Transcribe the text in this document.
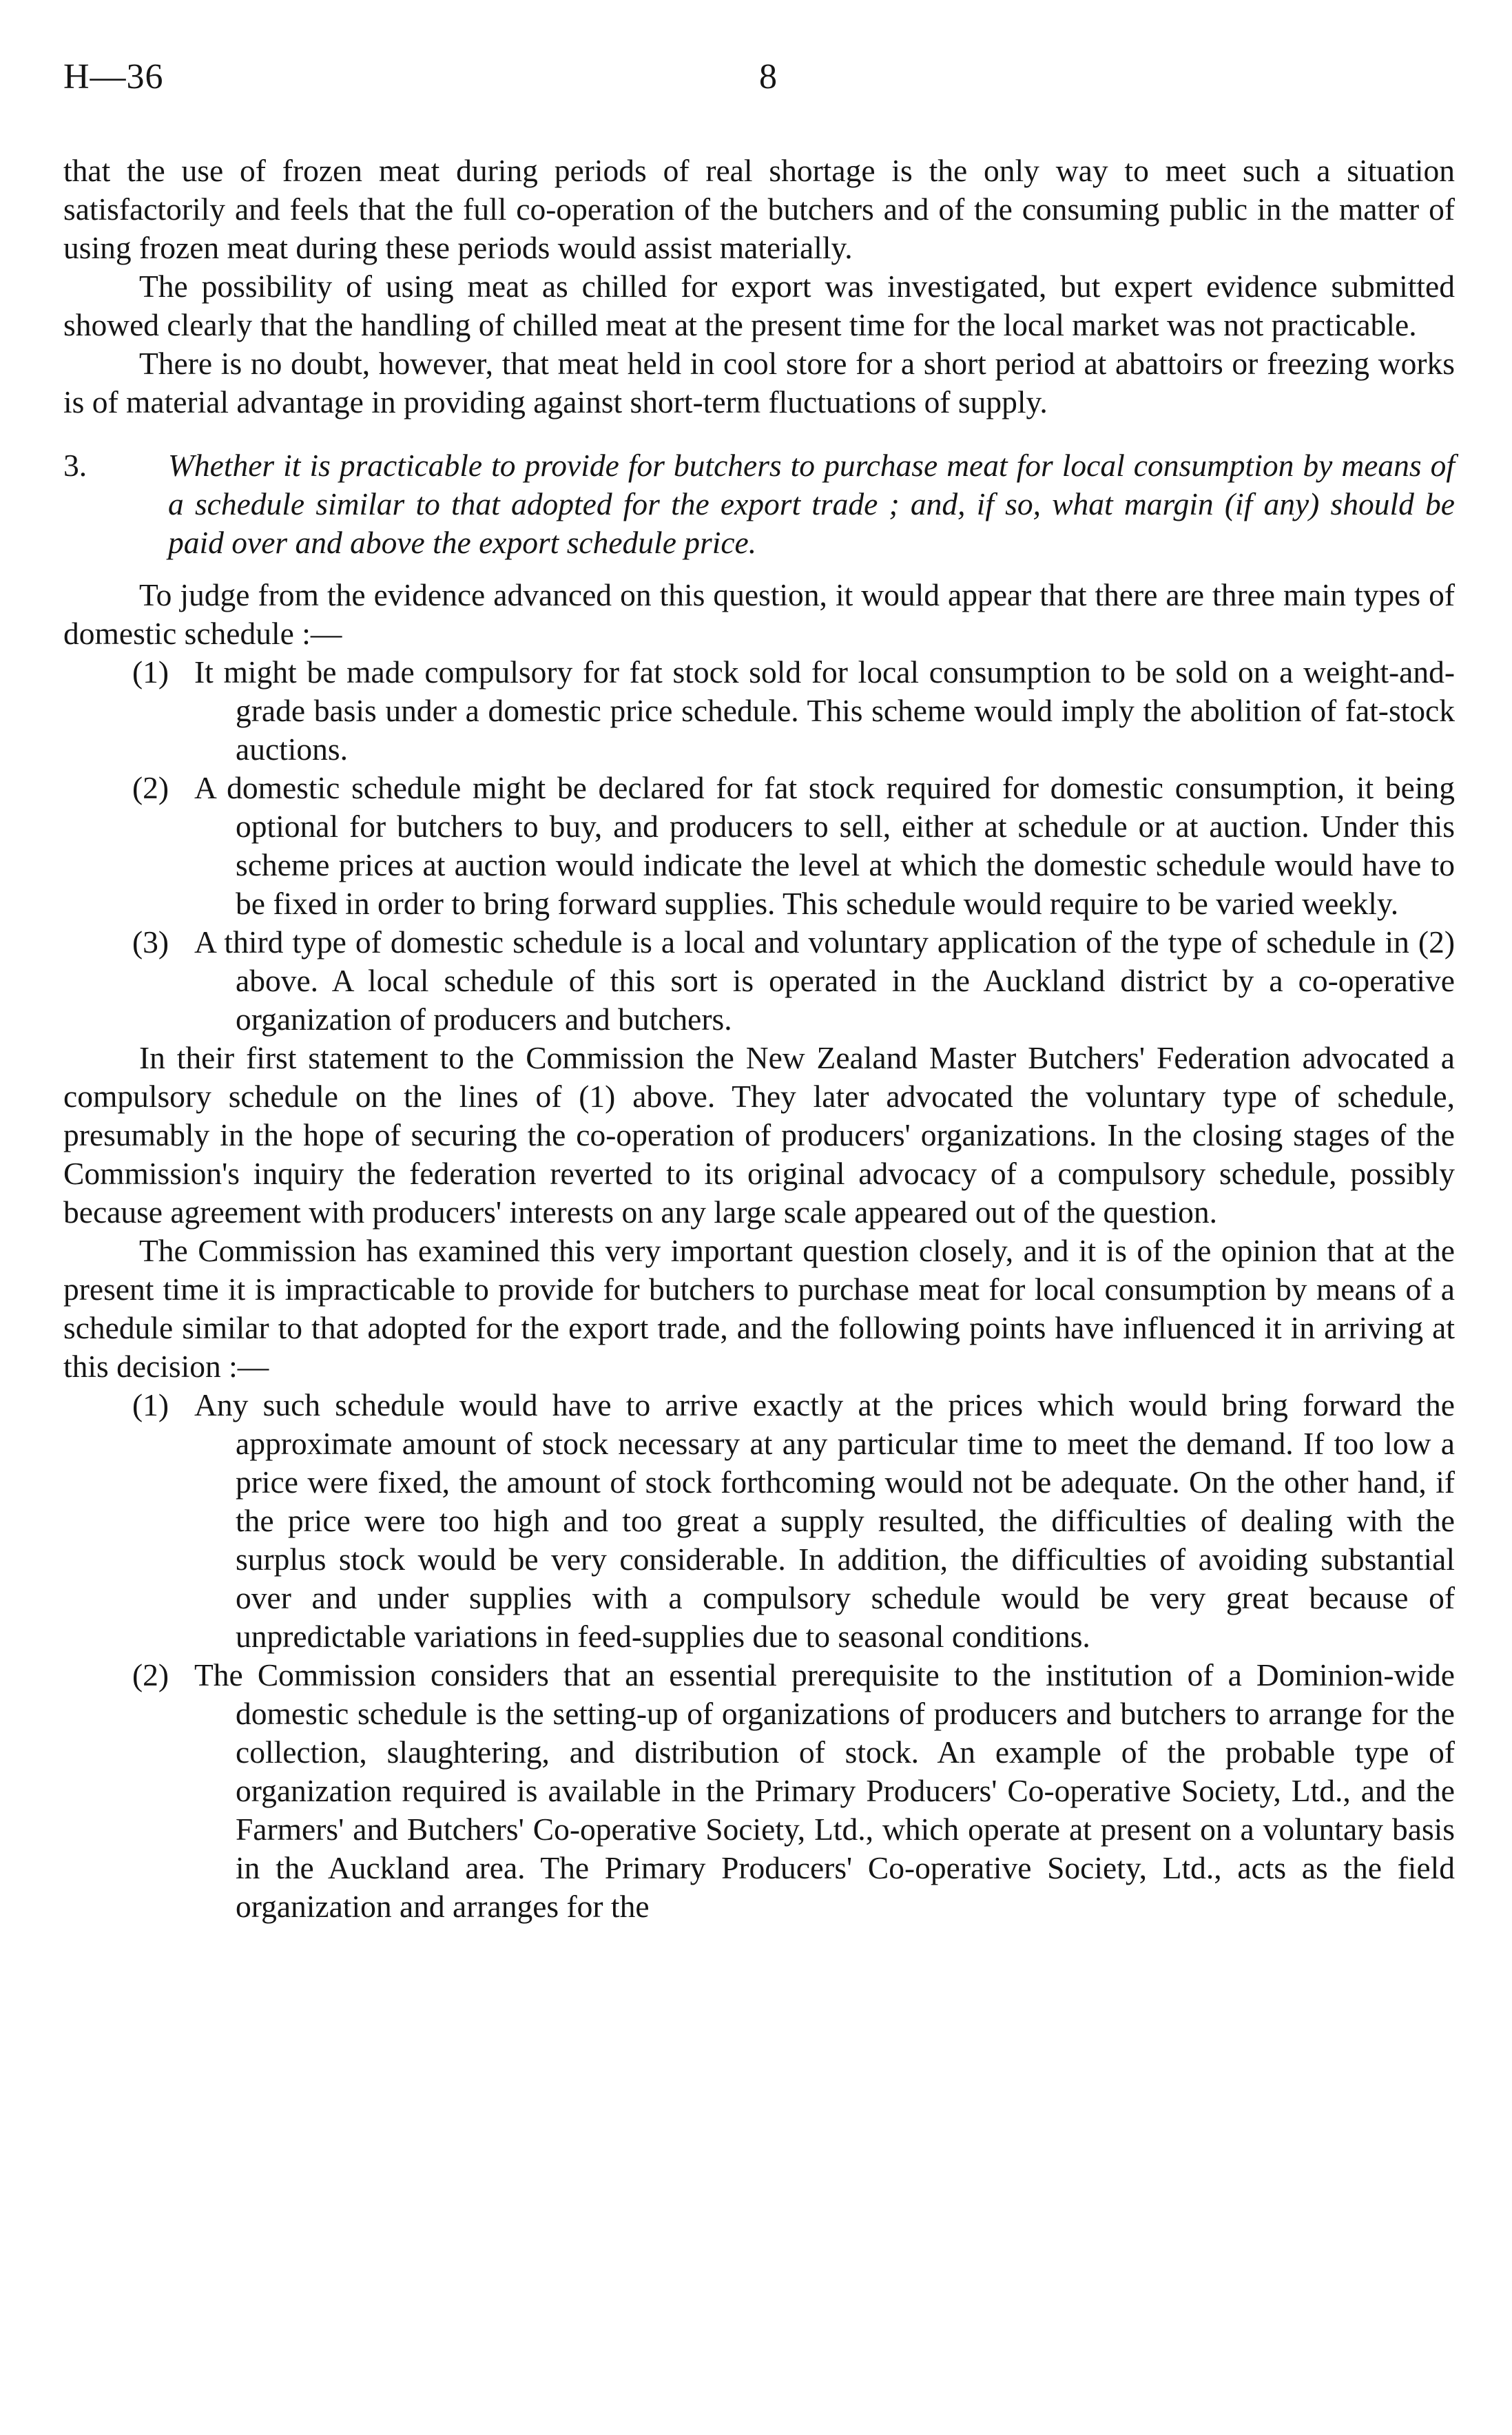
H—36	8

that the use of frozen meat during periods of real shortage is the only way to meet such a situation satisfactorily and feels that the full co-operation of the butchers and of the consuming public in the matter of using frozen meat during these periods would assist materially.

The possibility of using meat as chilled for export was investigated, but expert evidence submitted showed clearly that the handling of chilled meat at the present time for the local market was not practicable.

There is no doubt, however, that meat held in cool store for a short period at abattoirs or freezing works is of material advantage in providing against short-term fluctuations of supply.

3.	Whether it is practicable to provide for butchers to purchase meat for local consumption by means of a schedule similar to that adopted for the export trade ; and, if so, what margin (if any) should be paid over and above the export schedule price.

To judge from the evidence advanced on this question, it would appear that there are three main types of domestic schedule :—

(1) It might be made compulsory for fat stock sold for local consumption to be sold on a weight-and-grade basis under a domestic price schedule. This scheme would imply the abolition of fat-stock auctions.

(2) A domestic schedule might be declared for fat stock required for domestic consumption, it being optional for butchers to buy, and producers to sell, either at schedule or at auction. Under this scheme prices at auction would indicate the level at which the domestic schedule would have to be fixed in order to bring forward supplies. This schedule would require to be varied weekly.

(3) A third type of domestic schedule is a local and voluntary application of the type of schedule in (2) above. A local schedule of this sort is operated in the Auckland district by a co-operative organization of producers and butchers.

In their first statement to the Commission the New Zealand Master Butchers' Federation advocated a compulsory schedule on the lines of (1) above. They later advocated the voluntary type of schedule, presumably in the hope of securing the co-operation of producers' organizations. In the closing stages of the Commission's inquiry the federation reverted to its original advocacy of a compulsory schedule, possibly because agreement with producers' interests on any large scale appeared out of the question.

The Commission has examined this very important question closely, and it is of the opinion that at the present time it is impracticable to provide for butchers to purchase meat for local consumption by means of a schedule similar to that adopted for the export trade, and the following points have influenced it in arriving at this decision :—

(1) Any such schedule would have to arrive exactly at the prices which would bring forward the approximate amount of stock necessary at any particular time to meet the demand. If too low a price were fixed, the amount of stock forthcoming would not be adequate. On the other hand, if the price were too high and too great a supply resulted, the difficulties of dealing with the surplus stock would be very considerable. In addition, the difficulties of avoiding substantial over and under supplies with a compulsory schedule would be very great because of unpredictable variations in feed-supplies due to seasonal conditions.

(2) The Commission considers that an essential prerequisite to the institution of a Dominion-wide domestic schedule is the setting-up of organizations of producers and butchers to arrange for the collection, slaughtering, and distribution of stock. An example of the probable type of organization required is available in the Primary Producers' Co-operative Society, Ltd., and the Farmers' and Butchers' Co-operative Society, Ltd., which operate at present on a voluntary basis in the Auckland area. The Primary Producers' Co-operative Society, Ltd., acts as the field organization and arranges for the
